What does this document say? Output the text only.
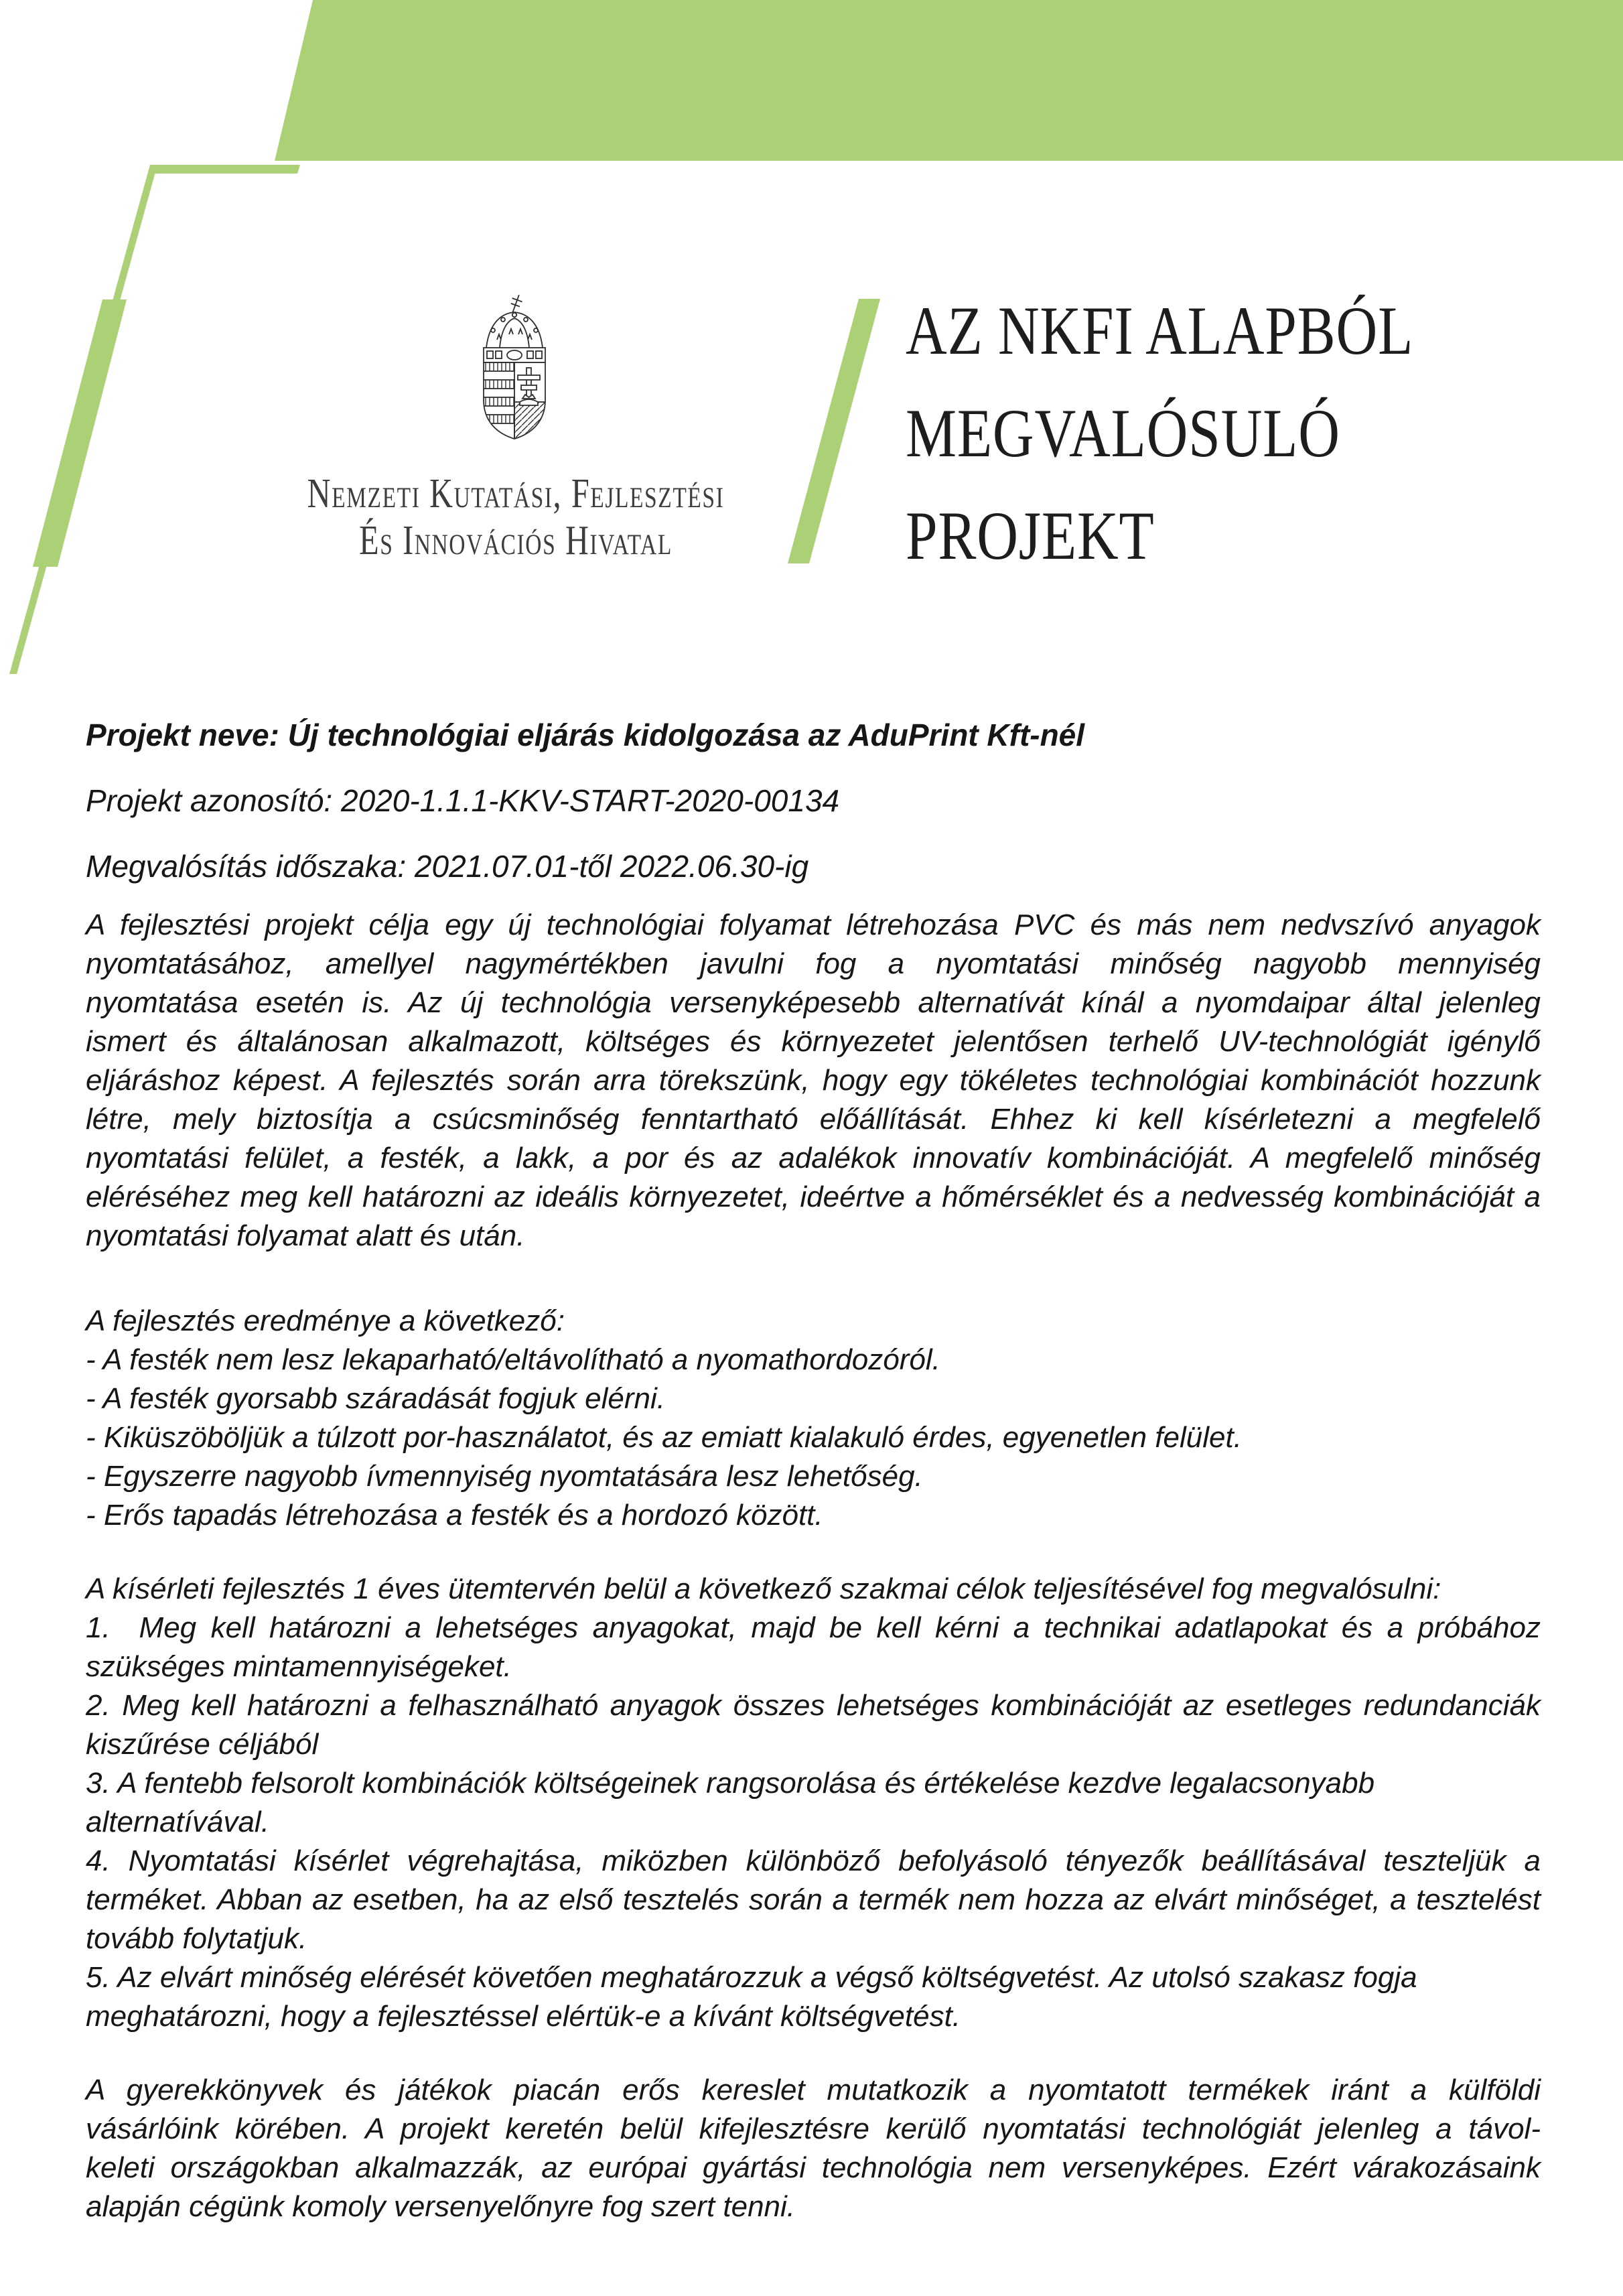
Nemzeti Kutatási, Fejlesztési
És Innovációs Hivatal
AZ NKFI ALAPBÓL
MEGVALÓSULÓ
PROJEKT
Projekt neve: Új technológiai eljárás kidolgozása az AduPrint Kft-nél
Projekt azonosító: 2020-1.1.1-KKV-START-2020-00134
Megvalósítás időszaka: 2021.07.01-től 2022.06.30-ig
A fejlesztési projekt célja egy új technológiai folyamat létrehozása PVC és más nem nedvszívó anyagok
nyomtatásához, amellyel nagymértékben javulni fog a nyomtatási minőség nagyobb mennyiség
nyomtatása esetén is. Az új technológia versenyképesebb alternatívát kínál a nyomdaipar által jelenleg
ismert és általánosan alkalmazott, költséges és környezetet jelentősen terhelő UV-technológiát igénylő
eljáráshoz képest. A fejlesztés során arra törekszünk, hogy egy tökéletes technológiai kombinációt hozzunk
létre, mely biztosítja a csúcsminőség fenntartható előállítását. Ehhez ki kell kísérletezni a megfelelő
nyomtatási felület, a festék, a lakk, a por és az adalékok innovatív kombinációját. A megfelelő minőség
eléréséhez meg kell határozni az ideális környezetet, ideértve a hőmérséklet és a nedvesség kombinációját a
nyomtatási folyamat alatt és után.
A fejlesztés eredménye a következő:
- A festék nem lesz lekaparható/eltávolítható a nyomathordozóról.
- A festék gyorsabb száradását fogjuk elérni.
- Kiküszöböljük a túlzott por-használatot, és az emiatt kialakuló érdes, egyenetlen felület.
- Egyszerre nagyobb ívmennyiség nyomtatására lesz lehetőség.
- Erős tapadás létrehozása a festék és a hordozó között.
A kísérleti fejlesztés 1 éves ütemtervén belül a következő szakmai célok teljesítésével fog megvalósulni:
1.  Meg kell határozni a lehetséges anyagokat, majd be kell kérni a technikai adatlapokat és a próbához
szükséges mintamennyiségeket.
2. Meg kell határozni a felhasználható anyagok összes lehetséges kombinációját az esetleges redundanciák
kiszűrése céljából
3. A fentebb felsorolt kombinációk költségeinek rangsorolása és értékelése kezdve legalacsonyabb
alternatívával.
4. Nyomtatási kísérlet végrehajtása, miközben különböző befolyásoló tényezők beállításával teszteljük a
terméket. Abban az esetben, ha az első tesztelés során a termék nem hozza az elvárt minőséget, a tesztelést
tovább folytatjuk.
5. Az elvárt minőség elérését követően meghatározzuk a végső költségvetést. Az utolsó szakasz fogja
meghatározni, hogy a fejlesztéssel elértük-e a kívánt költségvetést.
A gyerekkönyvek és játékok piacán erős kereslet mutatkozik a nyomtatott termékek iránt a külföldi
vásárlóink körében. A projekt keretén belül kifejlesztésre kerülő nyomtatási technológiát jelenleg a távol-
keleti országokban alkalmazzák, az európai gyártási technológia nem versenyképes. Ezért várakozásaink
alapján cégünk komoly versenyelőnyre fog szert tenni.
